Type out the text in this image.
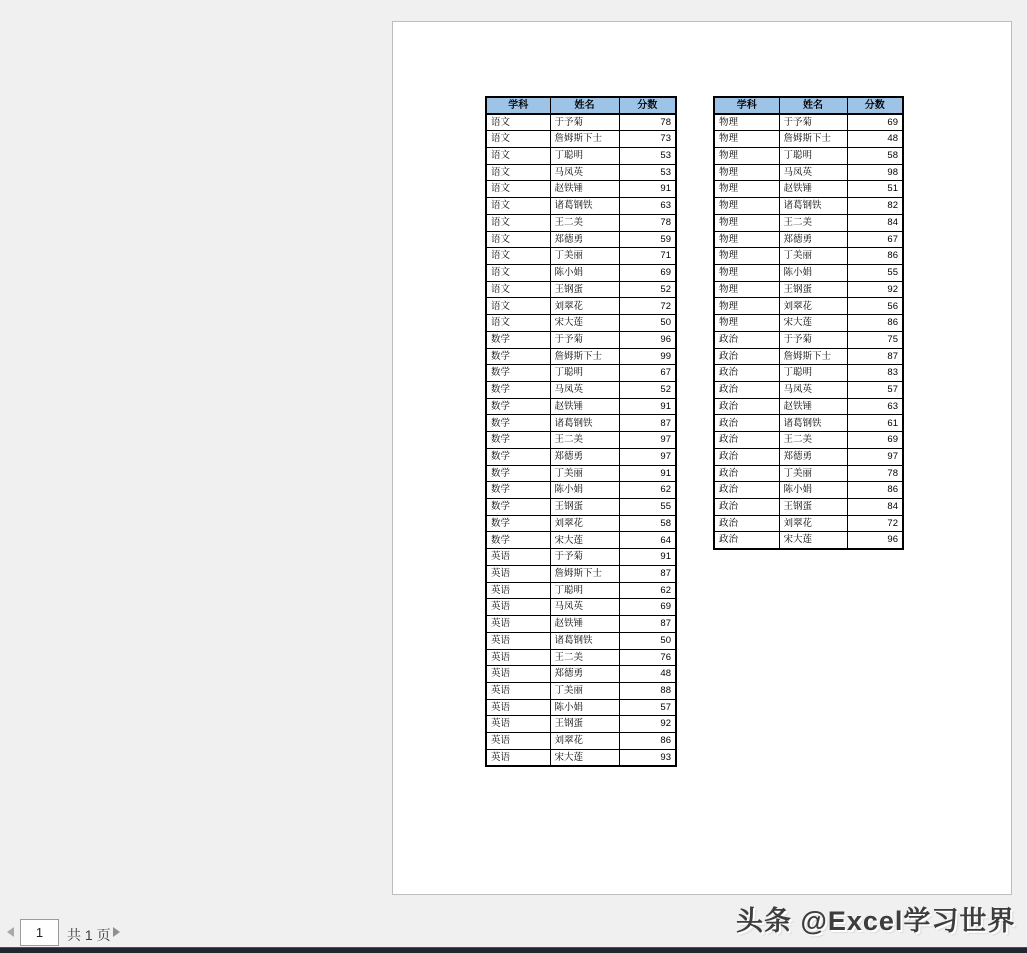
学科	姓名	分数
语文	于予菊	78
语文	詹姆斯下士	73
语文	丁聪明	53
语文	马凤英	53
语文	赵铁锤	91
语文	诸葛钢铁	63
语文	王二美	78
语文	郑德勇	59
语文	丁美丽	71
语文	陈小娟	69
语文	王钢蛋	52
语文	刘翠花	72
语文	宋大莲	50
数学	于予菊	96
数学	詹姆斯下士	99
数学	丁聪明	67
数学	马凤英	52
数学	赵铁锤	91
数学	诸葛钢铁	87
数学	王二美	97
数学	郑德勇	97
数学	丁美丽	91
数学	陈小娟	62
数学	王钢蛋	55
数学	刘翠花	58
数学	宋大莲	64
英语	于予菊	91
英语	詹姆斯下士	87
英语	丁聪明	62
英语	马凤英	69
英语	赵铁锤	87
英语	诸葛钢铁	50
英语	王二美	76
英语	郑德勇	48
英语	丁美丽	88
英语	陈小娟	57
英语	王钢蛋	92
英语	刘翠花	86
英语	宋大莲	93
学科	姓名	分数
物理	于予菊	69
物理	詹姆斯下士	48
物理	丁聪明	58
物理	马凤英	98
物理	赵铁锤	51
物理	诸葛钢铁	82
物理	王二美	84
物理	郑德勇	67
物理	丁美丽	86
物理	陈小娟	55
物理	王钢蛋	92
物理	刘翠花	56
物理	宋大莲	86
政治	于予菊	75
政治	詹姆斯下士	87
政治	丁聪明	83
政治	马凤英	57
政治	赵铁锤	63
政治	诸葛钢铁	61
政治	王二美	69
政治	郑德勇	97
政治	丁美丽	78
政治	陈小娟	86
政治	王钢蛋	84
政治	刘翠花	72
政治	宋大莲	96
1
共 1 页	头条 @Excel学习世界
